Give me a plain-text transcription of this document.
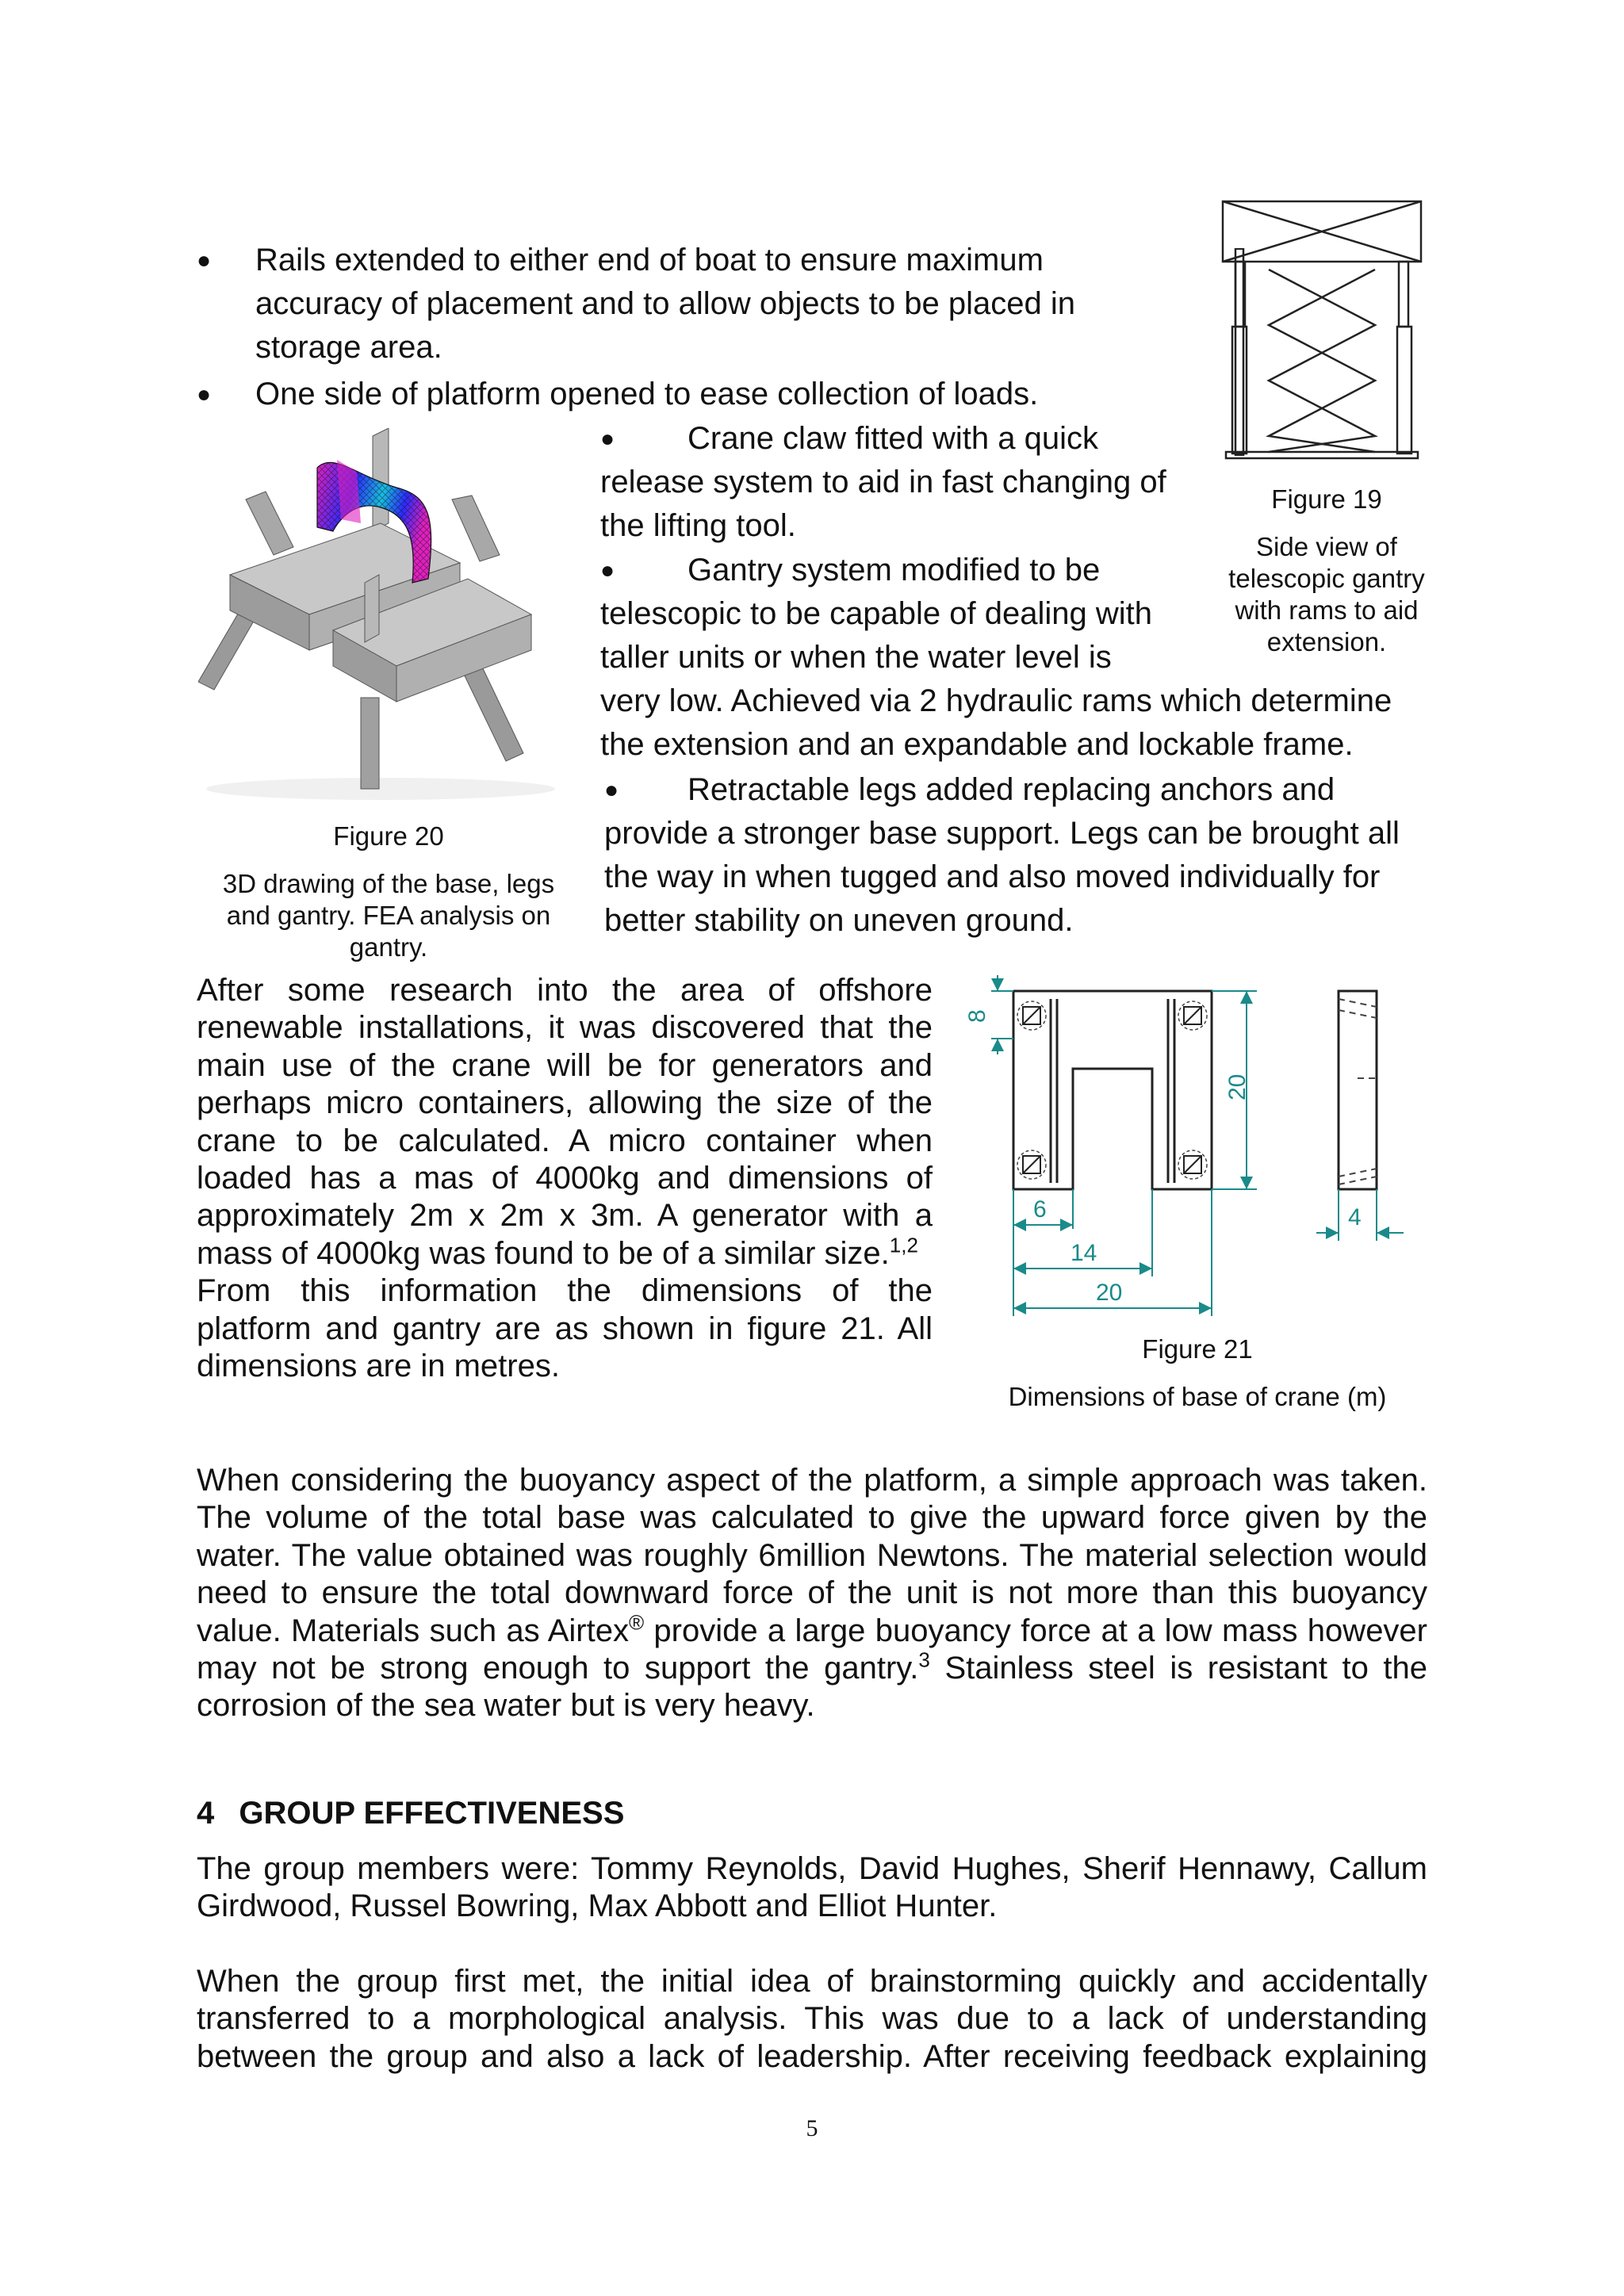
● Rails extended to either end of boat to ensure maximum
accuracy of placement and to allow objects to be placed in
storage area.
● One side of platform opened to ease collection of loads.
Figure 19
Side view of
telescopic gantry
with rams to aid
extension.
Figure 20
3D drawing of the base, legs
and gantry. FEA analysis on
gantry.
● Crane claw fitted with a quick
release system to aid in fast changing of
the lifting tool.
● Gantry system modified to be
telescopic to be capable of dealing with
taller units or when the water level is
very low. Achieved via 2 hydraulic rams which determine
the extension and an expandable and lockable frame.
● Retractable legs added replacing anchors and
provide a stronger base support. Legs can be brought all
the way in when tugged and also moved individually for
better stability on uneven ground.
After some research into the area of offshore
renewable installations, it was discovered that the
main use of the crane will be for generators and
perhaps micro containers, allowing the size of the
crane to be calculated. A micro container when
loaded has a mas of 4000kg and dimensions of
approximately 2m x 2m x 3m. A generator with a
mass of 4000kg was found to be of a similar size.$^{1,2}$
From this information the dimensions of the
platform and gantry are as shown in figure 21. All
dimensions are in metres.
8
20
6
14
20
4
Figure 21
Dimensions of base of crane (m)
When considering the buoyancy aspect of the platform, a simple approach was taken.
The volume of the total base was calculated to give the upward force given by the
water. The value obtained was roughly 6million Newtons. The material selection would
need to ensure the total downward force of the unit is not more than this buoyancy
value. Materials such as Airtex® provide a large buoyancy force at a low mass however
may not be strong enough to support the gantry.$^3$ Stainless steel is resistant to the
corrosion of the sea water but is very heavy.
4 GROUP EFFECTIVENESS
The group members were: Tommy Reynolds, David Hughes, Sherif Hennawy, Callum
Girdwood, Russel Bowring, Max Abbott and Elliot Hunter.
When the group first met, the initial idea of brainstorming quickly and accidentally
transferred to a morphological analysis. This was due to a lack of understanding
between the group and also a lack of leadership. After receiving feedback explaining
5
